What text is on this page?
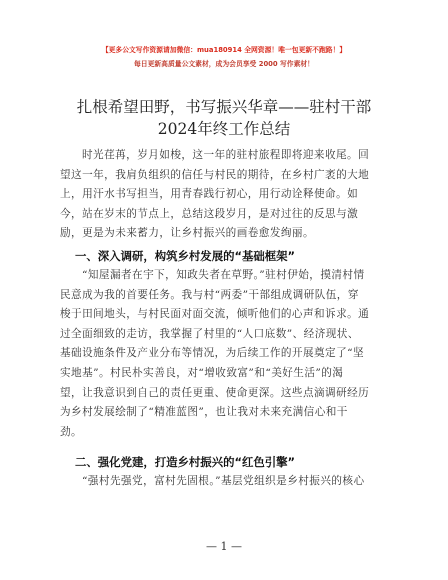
【更多公文写作资源请加微信：mua180914 全网资源！唯一包更新不跑路！】
每日更新高质量公文素材，成为会员享受 2000 写作素材！
扎根希望田野，书写振兴华章——驻村干部
2024年终工作总结
时光荏苒，岁月如梭，这一年的驻村旅程即将迎来收尾。回
望这一年，我肩负组织的信任与村民的期待，在乡村广袤的大地
上，用汗水书写担当，用青春践行初心，用行动诠释使命。如
今，站在岁末的节点上，总结这段岁月，是对过往的反思与激
励，更是为未来蓄力，让乡村振兴的画卷愈发绚丽。
一、深入调研，构筑乡村发展的“基础框架”
“知屋漏者在宇下，知政失者在草野。”驻村伊始，摸清村情
民意成为我的首要任务。我与村“两委”干部组成调研队伍，穿
梭于田间地头，与村民面对面交流，倾听他们的心声和诉求。通
过全面细致的走访，我掌握了村里的“人口底数”、经济现状、
基础设施条件及产业分布等情况，为后续工作的开展奠定了“坚
实地基”。村民朴实善良，对“增收致富”和“美好生活”的渴
望，让我意识到自己的责任更重、使命更深。这些点滴调研经历
为乡村发展绘制了“精准蓝图”，也让我对未来充满信心和干
劲。
二、强化党建，打造乡村振兴的“红色引擎”
“强村先强党，富村先固根。”基层党组织是乡村振兴的核心
— 1 —
